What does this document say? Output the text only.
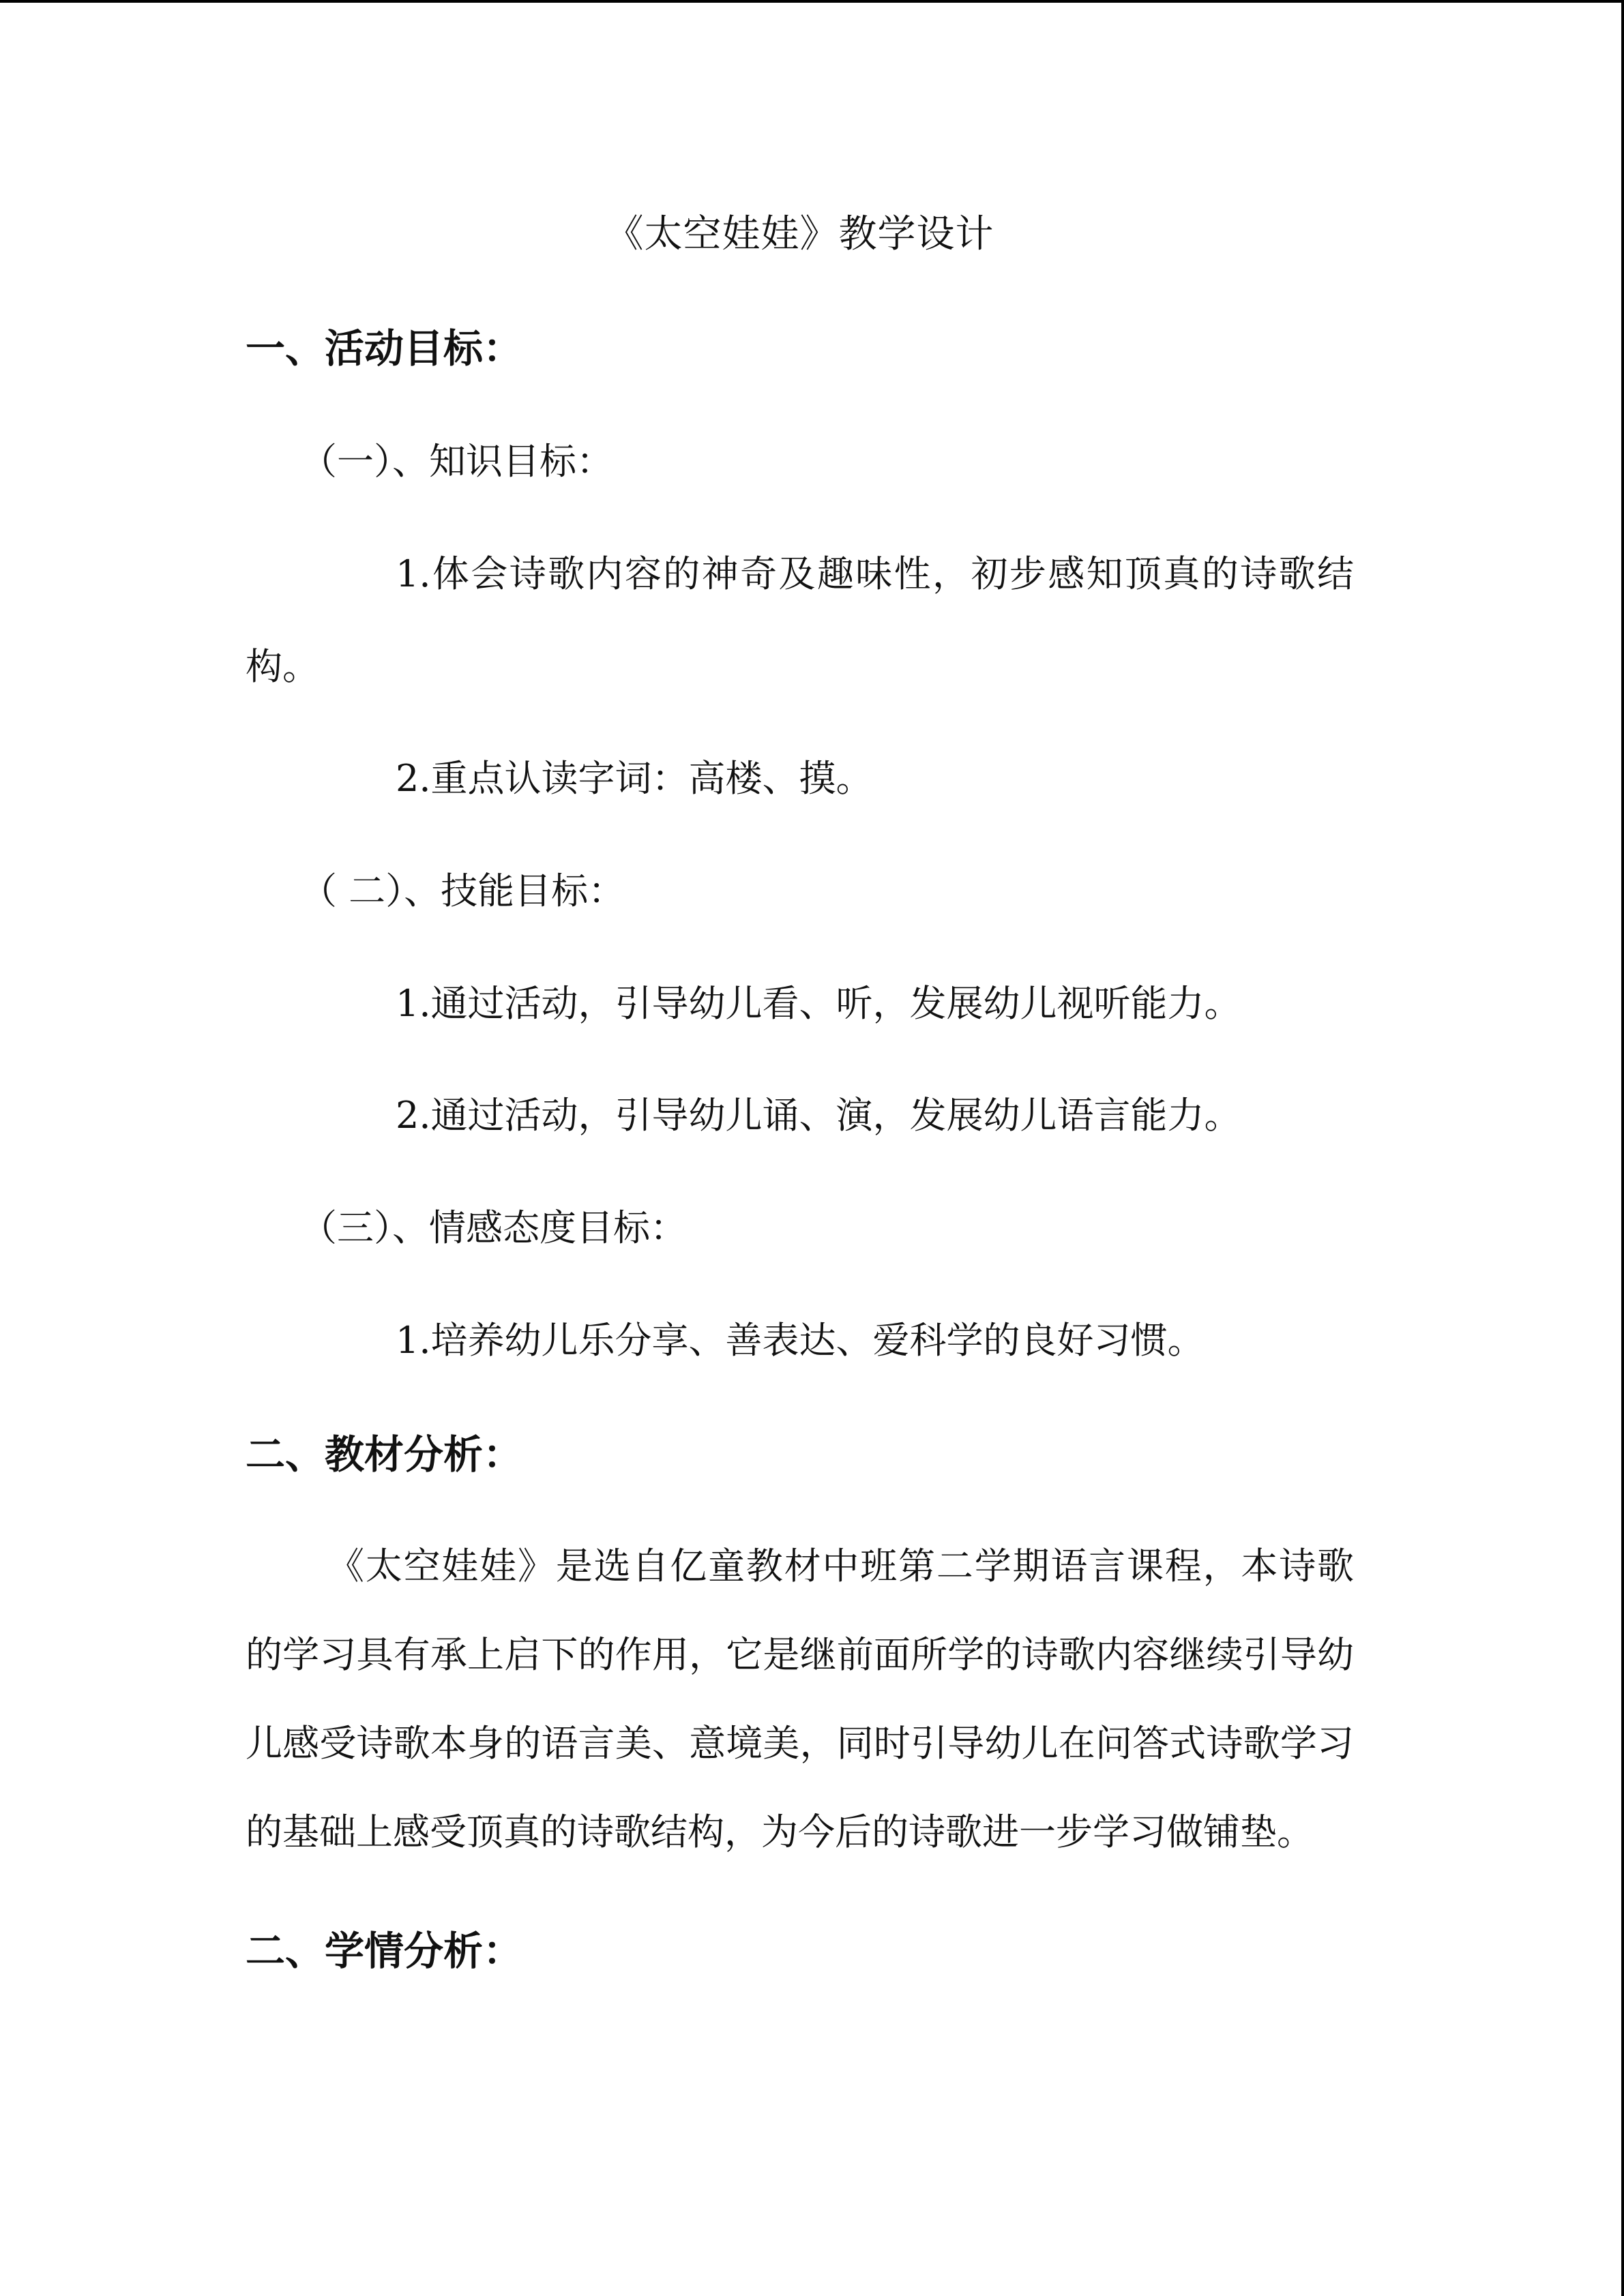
《太空娃娃》教学设计
一、活动目标：
（一）、知识目标：
1.体会诗歌内容的神奇及趣味性，初步感知顶真的诗歌结构。
2.重点认读字词：高楼、摸。
（ 二）、技能目标：
1.通过活动，引导幼儿看、听，发展幼儿视听能力。
2.通过活动，引导幼儿诵、演，发展幼儿语言能力。
（三）、情感态度目标：
1.培养幼儿乐分享、善表达、爱科学的良好习惯。
二、教材分析：
《太空娃娃》是选自亿童教材中班第二学期语言课程，本诗歌的学习具有承上启下的作用，它是继前面所学的诗歌内容继续引导幼儿感受诗歌本身的语言美、意境美，同时引导幼儿在问答式诗歌学习的基础上感受顶真的诗歌结构，为今后的诗歌进一步学习做铺垫。
二、学情分析：
